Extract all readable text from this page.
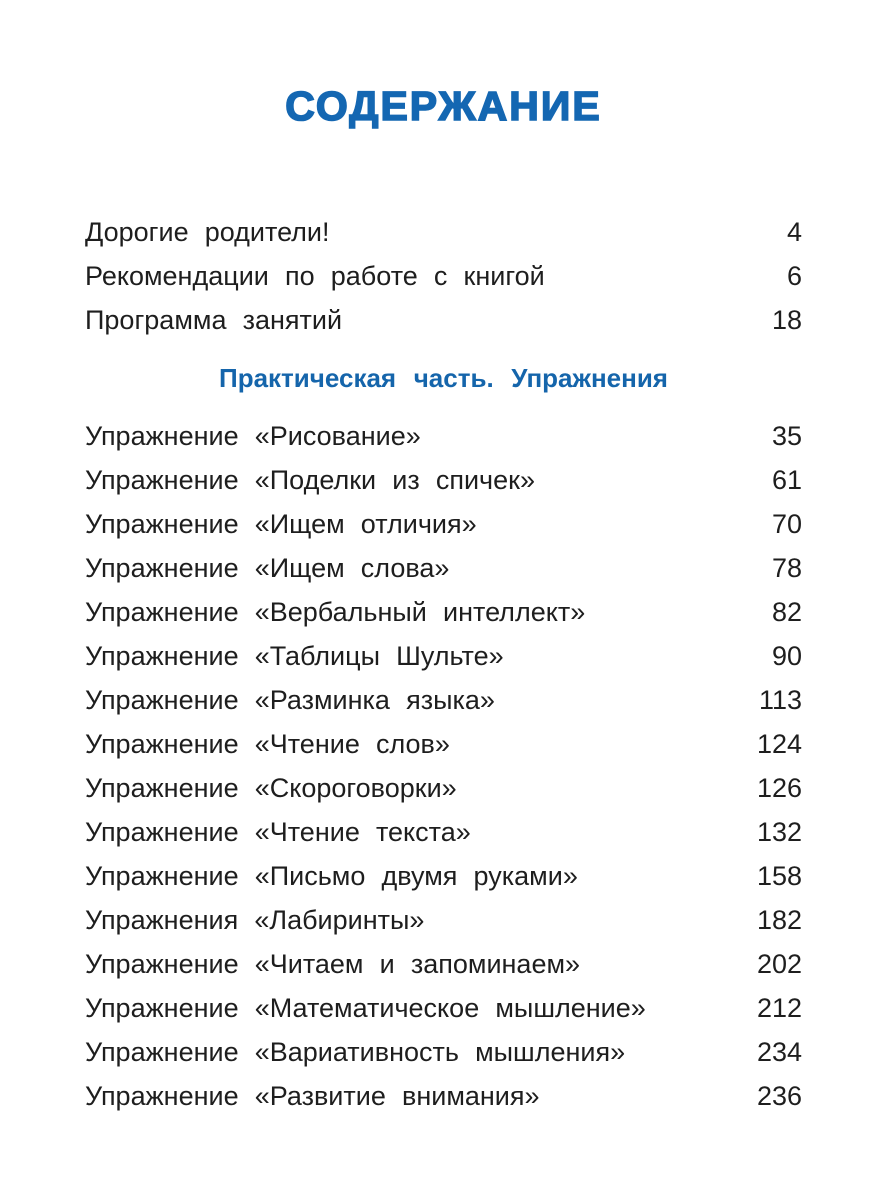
СОДЕРЖАНИЕ
Дорогие родители!	4
Рекомендации по работе с книгой	6
Программа занятий	18
Практическая часть. Упражнения
Упражнение «Рисование»	35
Упражнение «Поделки из спичек»	61
Упражнение «Ищем отличия»	70
Упражнение «Ищем слова»	78
Упражнение «Вербальный интеллект»	82
Упражнение «Таблицы Шульте»	90
Упражнение «Разминка языка»	113
Упражнение «Чтение слов»	124
Упражнение «Скороговорки»	126
Упражнение «Чтение текста»	132
Упражнение «Письмо двумя руками»	158
Упражнения «Лабиринты»	182
Упражнение «Читаем и запоминаем»	202
Упражнение «Математическое мышление»	212
Упражнение «Вариативность мышления»	234
Упражнение «Развитие внимания»	236
